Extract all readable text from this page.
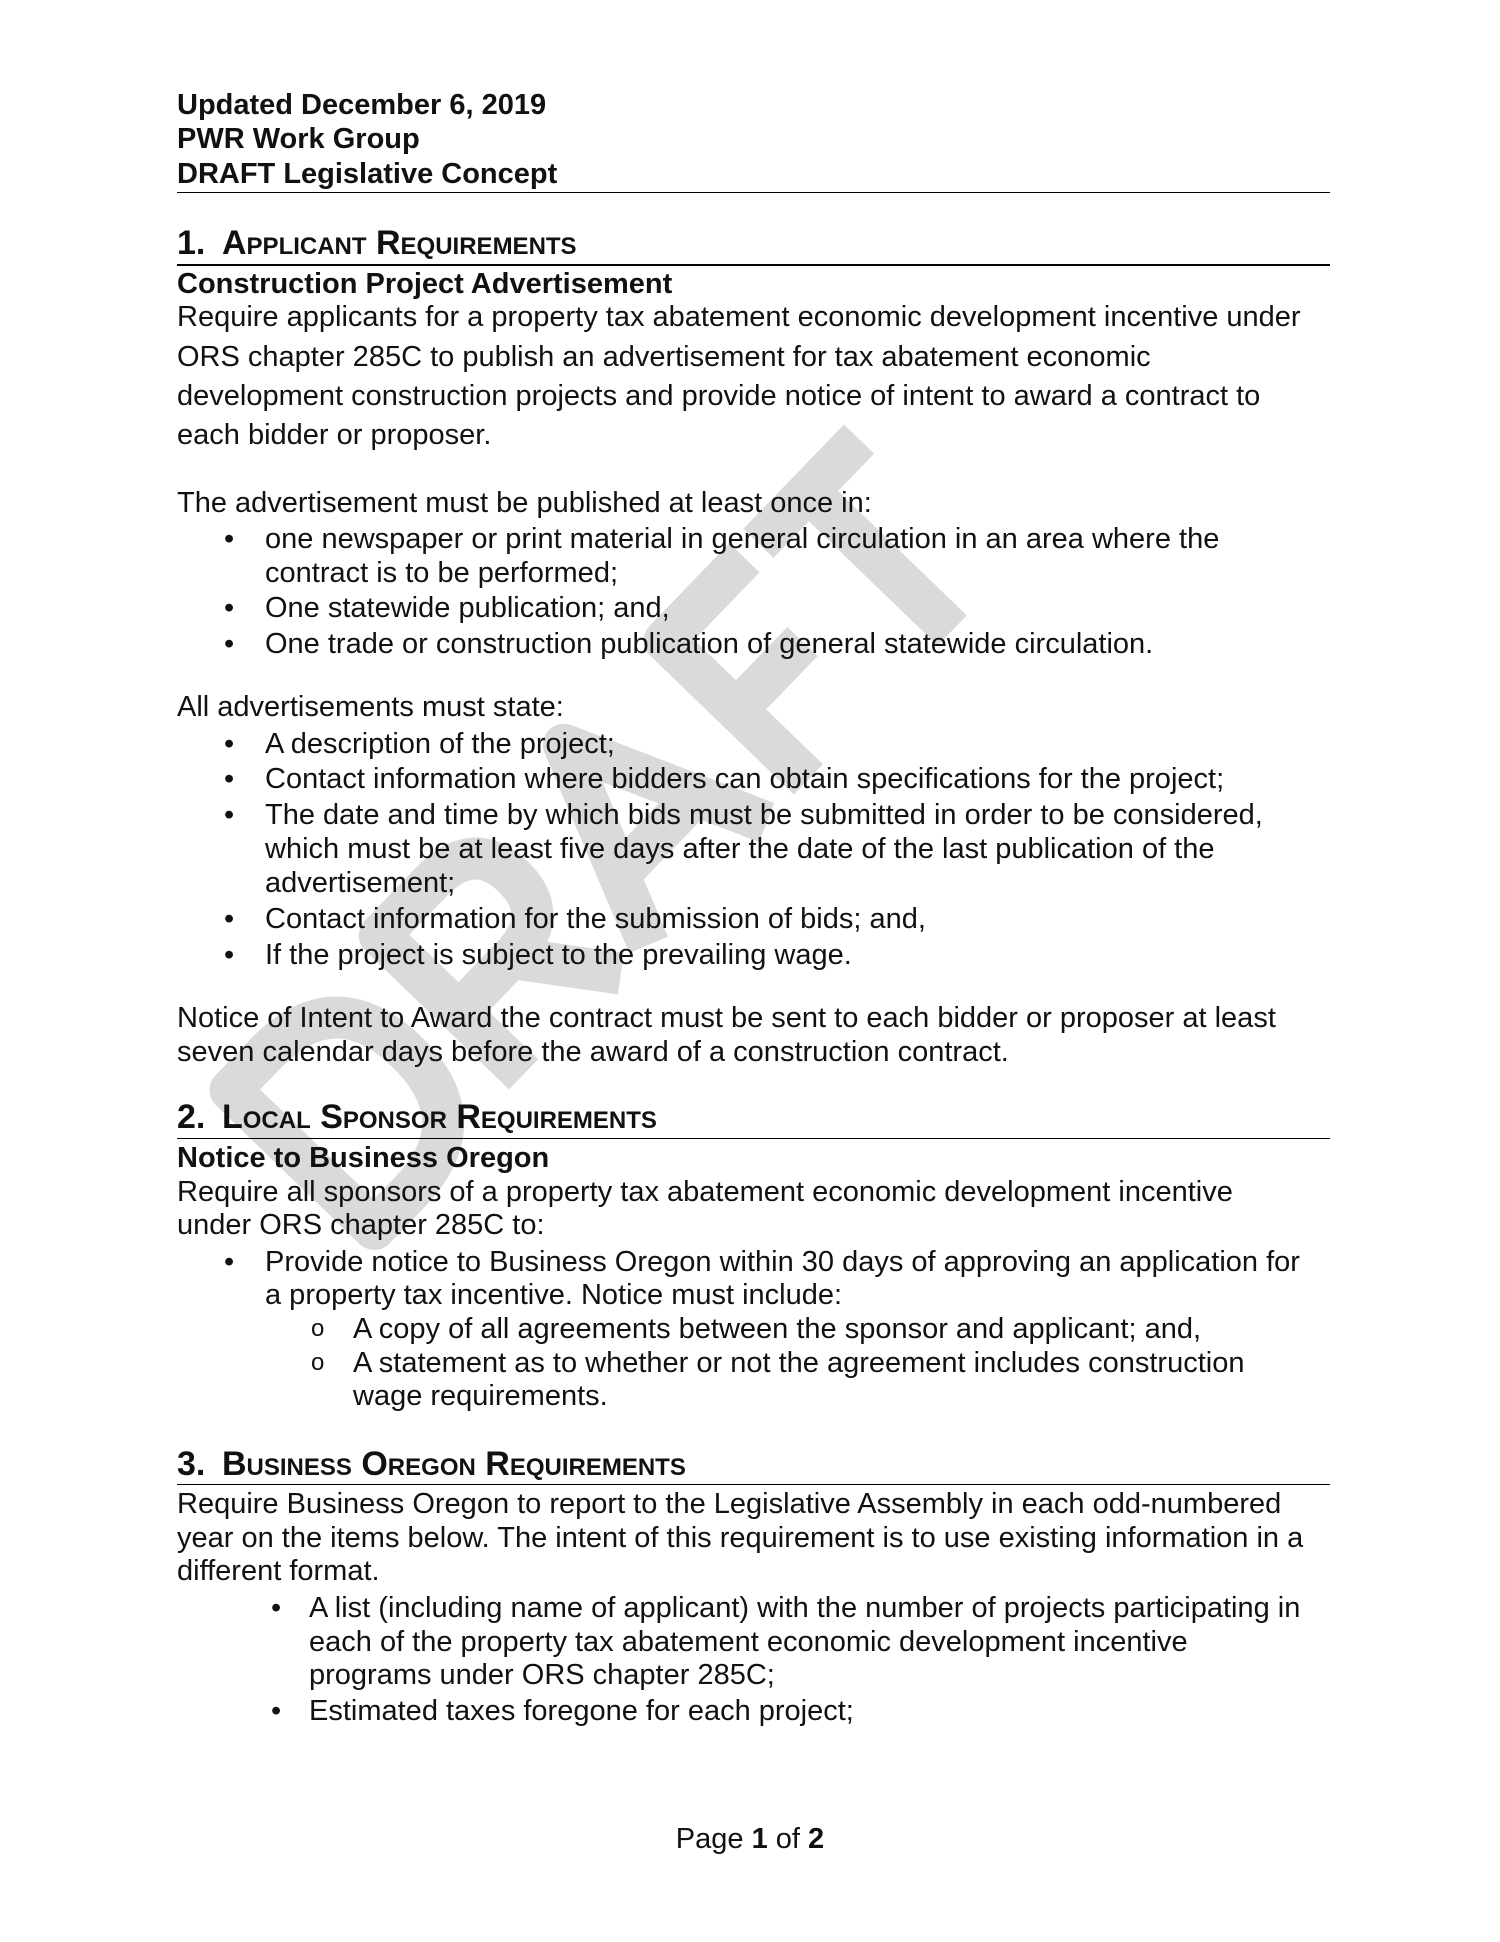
Updated December 6, 2019
PWR Work Group
DRAFT Legislative Concept
1. Applicant Requirements
Construction Project Advertisement
Require applicants for a property tax abatement economic development incentive under
ORS chapter 285C to publish an advertisement for tax abatement economic
development construction projects and provide notice of intent to award a contract to
each bidder or proposer.
The advertisement must be published at least once in:
• one newspaper or print material in general circulation in an area where the
contract is to be performed;
• One statewide publication; and,
• One trade or construction publication of general statewide circulation.
All advertisements must state:
• A description of the project;
• Contact information where bidders can obtain specifications for the project;
• The date and time by which bids must be submitted in order to be considered,
which must be at least five days after the date of the last publication of the
advertisement;
• Contact information for the submission of bids; and,
• If the project is subject to the prevailing wage.
Notice of Intent to Award the contract must be sent to each bidder or proposer at least
seven calendar days before the award of a construction contract.
2. Local Sponsor Requirements
Notice to Business Oregon
Require all sponsors of a property tax abatement economic development incentive
under ORS chapter 285C to:
• Provide notice to Business Oregon within 30 days of approving an application for
a property tax incentive. Notice must include:
o A copy of all agreements between the sponsor and applicant; and,
o A statement as to whether or not the agreement includes construction
wage requirements.
3. Business Oregon Requirements
Require Business Oregon to report to the Legislative Assembly in each odd-numbered
year on the items below. The intent of this requirement is to use existing information in a
different format.
• A list (including name of applicant) with the number of projects participating in
each of the property tax abatement economic development incentive
programs under ORS chapter 285C;
• Estimated taxes foregone for each project;
Page 1 of 2
